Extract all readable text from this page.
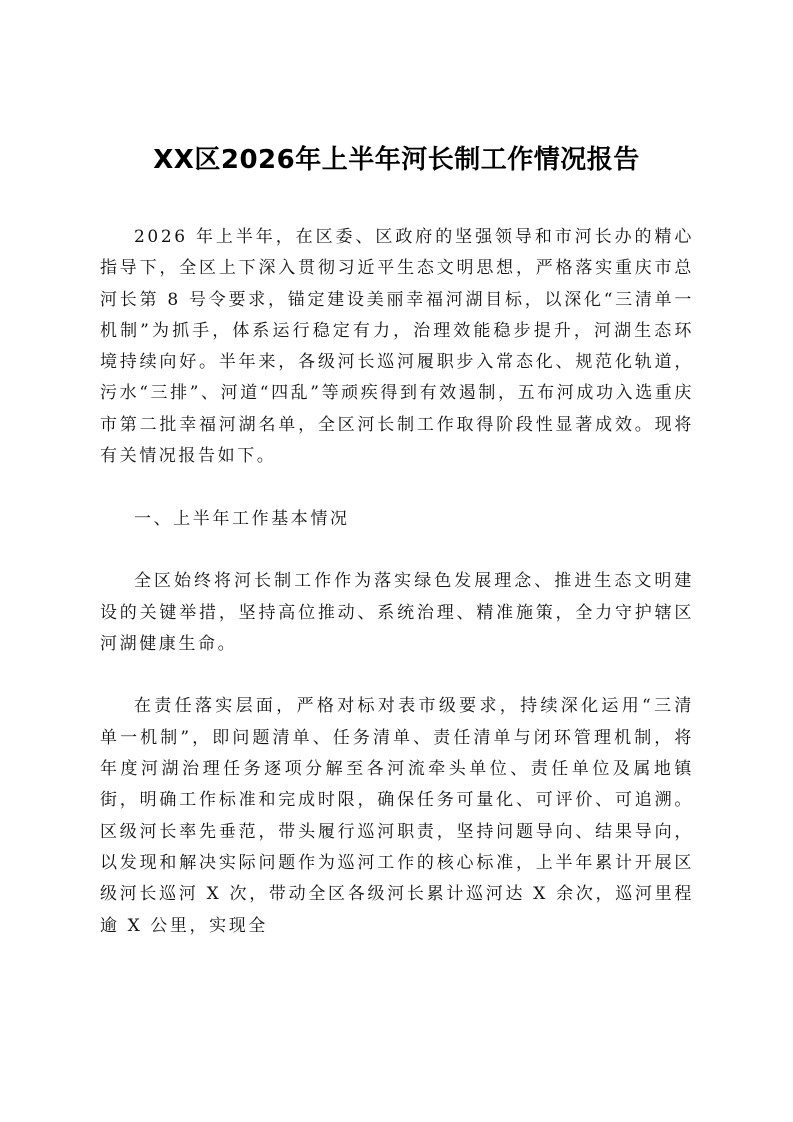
XX区2026年上半年河长制工作情况报告

2026 年上半年，在区委、区政府的坚强领导和市河长办的精心指导下，全区上下深入贯彻习近平生态文明思想，严格落实重庆市总河长第 8 号令要求，锚定建设美丽幸福河湖目标，以深化“三清单一机制”为抓手，体系运行稳定有力，治理效能稳步提升，河湖生态环境持续向好。半年来，各级河长巡河履职步入常态化、规范化轨道，污水“三排”、河道“四乱”等顽疾得到有效遏制，五布河成功入选重庆市第二批幸福河湖名单，全区河长制工作取得阶段性显著成效。现将有关情况报告如下。

一、上半年工作基本情况

全区始终将河长制工作作为落实绿色发展理念、推进生态文明建设的关键举措，坚持高位推动、系统治理、精准施策，全力守护辖区河湖健康生命。

在责任落实层面，严格对标对表市级要求，持续深化运用“三清单一机制”，即问题清单、任务清单、责任清单与闭环管理机制，将年度河湖治理任务逐项分解至各河流牵头单位、责任单位及属地镇街，明确工作标准和完成时限，确保任务可量化、可评价、可追溯。区级河长率先垂范，带头履行巡河职责，坚持问题导向、结果导向，以发现和解决实际问题作为巡河工作的核心标准，上半年累计开展区级河长巡河 X 次，带动全区各级河长累计巡河达 X 余次，巡河里程逾 X 公里，实现全
